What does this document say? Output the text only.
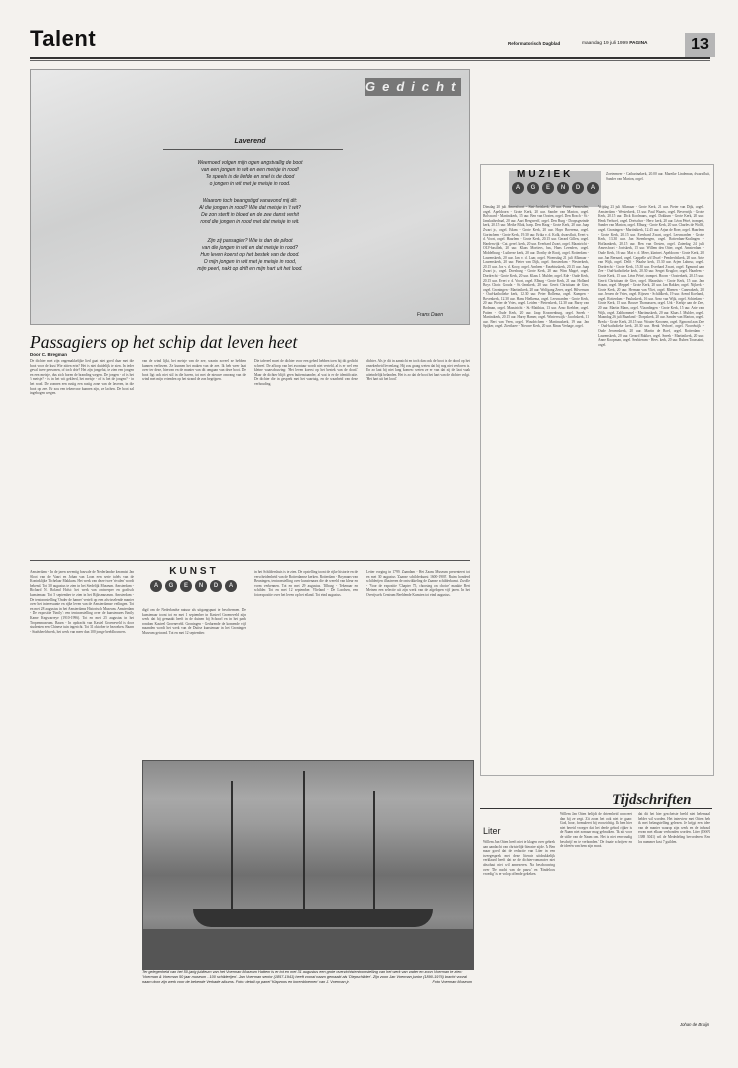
Talent	Reformatorisch Dagblad	maandag 19 juli 1999 PAGINA	13
Gedicht
Laverend
Weemoed volgen mijn ogen angstvallig de boot
van een jongen in wit en een meisje in rood!
Te speels is de liefde en snel is de dood
o jongen in wit met je meisje in rood.
Waarom toch beangstigd vanavond mij dit:
Al die jongen in rood? Wie dat meisje in 't wit?
De zon sterft in bloed en de zee danst verhit
rond die jongen in rood met dat meisje in wit.
Zijn zij passagier? Wie is dan de piloot
van die jongen in wit en dat meisje in rood?
Hun leven koerst op het bestek van de dood.
O mijn jongen in wit met je meisje in rood,
mijn peerl, nakt op drift en mijn hart uit het lood.
Frans Daen
Passagiers op het schip dat leven heet
Door C. Bregman
De dichter met zijn ongemakkelijke lied gaat niet goed daar met die boot voor de kust Wie zitten erin? Het is niet duidelijk te zien. In ieder geval twee personen, of toch drie? Het zijn jongelui, te zien een jongen en een meisje, dus zich horen de branding wegen. De jongen - of is het 't meisje? - is in het wit gekleed, het meisje - of is het de jongen? - in het rood. De zonnen een rustig een rustig zone van de laveren, in die boot op zee. Er zou een tekenvoor kunnen zijn, ze lachen. De boot zal ingebogen wegen.
van de wind lijkt, het meisje van de zee, waarin zoveel ze hebben kunnen verliezen. Ze kunnen het maken van de zee. Ik heb weer laat over ter deze, hiervan en de manier van dit omgaan van deze boot. De boot ligt ook niet stil in die haven, tot met de nieuwe omvang van de wind met mijn vrienden op het strand de zon begrijpen.
Die tafereel moet de dichter voor een gebed hebben toen hij dit gedicht schreef. De afloop van het avontuur wordt niet verteld, al is er wel een kleine waarschuwing: 'Het leven koerst op het bestek van de dood.' Maar de dichter blijft geen buitenstaander, al wat is er de identificatie. De dichter die in gesprek met het vaartuig, en de waarheid van deze verhouding.
dichter. Als je dit in aanzicht en toch dan ook de boot is de dood op het onzekerheid levenlang. Hij zou graag weten dat hij nog niet verloren is. En zo laat hij niet lang komen: weten ze er van dat zij de laat vaak uiteindelijk belanden. Het is zo dat de boot het hart van de dichter volgt. 'Het hart uit het lood.'
MUZIEK
A	G	E	N	D	A
Zoetermeer - Catharinakerk, 20.00 uur. Mareike Lindeman, dwarsfluit, Sander van Marion, orgel.
Dinsdag 20 juli Amersfoort - Sint-Joriskerk, 20 uur. Frans Vermeulen, orgel. Apeldoorn - Grote Kerk, 20 uur. Sander van Marion, orgel. Bolsward - Martinikerk, 15 uur. Ben van Oosten, orgel. Den Bosch - St.-Janskathedraal, 20 uur. Aart Bergwerff, orgel. Den Burg - Doopsgezinde kerk, 20.15 uur. Meike Blok, harp. Den Haag - Grote Kerk, 20 uur. Jaap Zwart jr., orgel. Edam - Grote Kerk, 20 uur. Hayo Boerema, orgel. Gorinchem - Grote Kerk, 19.30 uur. Erika v. d. Kolk, dwarsfluit, Evert v. d. Voort, orgel. Haarlem - Grote Kerk, 20.15 uur. Gerard Gillen, orgel. Harderwijk - Cat. geref. kerk, 20 uur. Everhard Zwart, orgel. Maastricht - OLV-basiliek, 20 uur. Klaas Mortiers, bas, Hans Leenders, orgel. Middelburg - Lutherse kerk, 20 uur. Dorthy de Rooij, orgel. Rotterdam - Laurenskerk, 20 uur. Jan v. d. Laar, orgel. Woensdag 21 juli Alkmaar - Laurenskerk, 20 uur. Pieter van Dijk, orgel. Amsterdam - Westerkerk, 20.15 uur. Jos v. d. Kooy, orgel. Arnhem - Eusebiuskerk, 20.15 uur. Jaap Zwart jr., orgel. Doesburg - Grote Kerk, 20 uur. Wim Magré, orgel. Dordrecht - Grote Kerk, 20 uur. Klaas J. Mulder, orgel. Ede - Oude Kerk, 20.15 uur. Evert v. d. Voort, orgel. Elburg - Grote Kerk, 21 uur. Holland Boys Choir. Gouda - St.-Janskerk, 20 uur. Gerrit Christiaan de Gier, orgel. Groningen - Martinikerk, 20 uur. Wolfgang Zerer, orgel. Hilversum - Oud-katholieke kerk, 12.30 uur. Peter Rollema, orgel. Kampen - Bovenkerk, 12.30 uur. Hans Hielkema, orgel. Leeuwarden - Grote Kerk, 20 uur. Pieter de Vries, orgel. Leiden - Pieterskerk, 12.30 uur. Barry van Bodman, orgel. Maastricht - St.-Matthias, 13 uur. Arno Krebber, orgel. Putten - Oude Kerk, 20 uur. Jaap Kroonenburg, orgel. Sneek - Martinikerk, 20.15 uur. Harry Hamer, orgel. Winterswijk - Jacobskerk, 11 uur. Bert van Veen, orgel. Woudrichem - Martinuskerk, 19 uur. Jan Spijker, orgel. Zierikzee - Nieuwe Kerk, 20 uur. Rinus Verhage, orgel.
Vrijdag 23 juli Alkmaar - Grote Kerk, 21 uur. Pieter van Dijk, orgel. Amsterdam - Westerkerk, 13 uur. Paul Waarts, orgel. Beverwijk - Grote Kerk, 20.15 uur. Dick Koolmans, orgel. Dokkum - Grote Kerk, 20 uur. Henk Verhoef, orgel. Dreischor - Herv. kerk, 20 uur. Léon Pétré, trompet, Sander van Marion, orgel. Elburg - Grote Kerk, 20 uur. Charles de Wolff, orgel. Groningen - Martinikerk, 12.45 uur. Arjan de Boer, orgel. Haarlem - Grote Kerk, 20.15 uur. Everhard Zwart, orgel. Leeuwarden - Grote Kerk, 13.30 uur. Jan Steenbergen, orgel. Rotterdam-Kralingen - Hoflaankerk, 20.15 uur. Ben van Oosten, orgel. Zaterdag 24 juli Amersfoort - Joriskerk, 15 uur. Willem den Otter, orgel. Amsterdam - Oude Kerk, 16 uur. Mat v. d. Meer, klarinet. Apeldoorn - Grote Kerk, 20 uur. Jan Bernard, orgel. Cappelle a/d IJssel - Pendrechtkerk, 20 uur. Arie van Wijk, orgel. Delft - Waalse kerk, 15.30 uur. Arjen Lahnso, orgel. Dordrecht - Grote Kerk, 15.30 uur. Everhard Zwart, orgel. Egmond aan Zee - Oud-katholieke kerk, 20.30 uur. Sergei Kruglov, orgel. Haarlem - Grote Kerk, 15 uur. Léon Pétré, trompet. Hoorn - Oosterkerk, 20.15 uur. Gerrit Christiaan de Gier, orgel. Maassluis - Grote Kerk, 15 uur. Jan Kraan, orgel. Meppel - Grote Kerk, 20 uur. Jan Bakker, orgel. Nijkerk - Grote Kerk, 20 uur. Herman van Vliet, orgel. Rhenen - Cunerakerk, 20 uur. Jeroen de Vries, orgel. Rijssen - Schildkerk, 19 uur. Arend Koeland, orgel. Rotterdam - Pauluskerk, 16 uur. Arno van Wijk, orgel. Schiedam - Grote Kerk, 15 uur. Bouwe Thomassen, orgel. Urk - Kerkje aan de Zee, 20 uur. Martin Mans, orgel. Vlaardingen - Grote Kerk, 15 uur. Arie van Wijk, orgel. Zaltbommel - Martinuskerk, 20 uur. Klaas J. Mulder, orgel. Maandag 26 juli Baarland - Dorpskerk, 20 uur. Sander van Marion, orgel. Breda - Grote Kerk, 20.15 uur. Wouter Kroonen, orgel. Egmond aan Zee - Oud-katholieke kerk, 20.30 uur. Henk Verhoef, orgel. Noordwijk - Oude Jeroenskerk, 20 uur. Martin de Boef, orgel. Rotterdam - Laurenskerk, 20 uur. Gerard Bakker, orgel. Sneek - Martinikerk, 20 uur. Anne Koopman, orgel. Sexbierum - Herv. kerk, 20 uur. Ruben Toussaint, orgel.
KUNST
A	G	E	N	D	A
Amsterdam - In de jaren zeventig bouwde de Nederlandse keramist Jan Sloot van de Vaart en Johan van Loon een serie tafels van de Koninklijke Tichelaar Makkum. Het werk van deze twee 'rivalen' wordt bekend. Tot 30 augustus te zien in het Stedelijk Museum. Amsterdam - Richard N. Roland Holst: het werk van ontwerper en grafisch kunstenaar. Tot 5 september te zien in het Rijksmuseum. Amsterdam - De tentoonstelling 'Onder de hamer' vertelt op een afwisselende manier over het interessante en rijke leven van de Amsterdamse veilingen. Tot en met 28 augustus in het Amsterdams Historisch Museum. Amsterdam - De expositie 'Emily': een tentoonstelling over de kunstenares Emily Kame Kngwarreye (1910-1996). Tot en met 25 augustus in het Tropenmuseum. Baarn - In opdracht van Kastel Groeneveld is door studenten een Chinese tuin ingericht. Tot 31 oktober te bezoeken. Baarn - Stadsbeeldwerk, het werk van meer dan 100 jonge beeldhouwers.
digd om de Nederlandse natuur als uitgangspunt te beschermen. De kunstenaar toont tot en met 1 september in Kasteel Groeneveld zijn werk dat hij gemaakt heeft in de duinen bij Schoorl en in het park rondom Kasteel Groeneveld. Groningen - Gedurende de komende vijf maanden wordt het werk van de Duitse kunstenaar in het Groninger Museum getoond. Tot en met 12 september.
in het Schildershuis is te zien. De opstelling toont de rijke historie en de verscheidenheid van de Rotterdamse kerken. Rotterdam - Boymans-van Beuningen, tentoonstelling over kunstenaars die de wereld van kleur en vorm verkennen. Tot en met 29 augustus. Tilburg - Tekenaar en schilder. Tot en met 12 september. Vlieland - De Loodsen, een fotoexpositie over het leven op het eiland. Tot eind augustus.
Letter vorging in 1799. Zaandam - Het Zaans Museum presenteert tot en met 30 augustus 'Zaanse schilderkunst 1600-1900'. Ruim honderd schilderijen illustreren de ontwikkeling de Zaanse schilderkunst. Zwolle - 'Voor de expositie 'Chapter 75, choosing on choice' maakte Bert Meinen een selectie uit zijn werk van de afgelopen vijf jaren. In het Overijssels Centrum Beeldende Kunsten tot eind augustus.
Ter gelegenheid van het 50-jarig jubileum van het Voerman Museum Hattem is er tot en met 31 augustus een grote overzichtstentoonstelling van het werk van vader en zoon Voerman te zien: 'Voerman & Voerman 50 jaar museum - 100 schilderijen'. Jan Voerman senior (1857-1941) heeft vooral naam gemaakt als 'Diepschilder'. Zijn zoon Jan Voerman junior (1890-1976) bracht vooral naam door zijn werk voor de bekende Verkade albums. Foto: detail op panel 'Klaproos en korenbloemen' van J. Voerman jr.	Foto Voerman Museum
Tijdschriften
Liter
Willem Jan Otten heeft niet te klagen over gebrek aan aandacht van christelijk-literaire zijde. 'k Ben maar goed dat de redactie van Liter in een tweegesprek met deze literair uitdrukkelijk verklaard heeft dat ze de dichter-romancier niet absoluut niet wil annexeren. Na beschouwing over 'De nacht van de pauw' en 'Eindeloos vroedig' is er volop offende gekeken.
Willem Jan Otten belijdt de drieenheid concreet dan hij ze zegt. Zit zoon het ook niet te gaan: God, hoor, formuleert hij voorzichtig. Ik ben hier niet bereid vroeger dat het derde gebod rijker is de Naam niet zomaar mag gebruiken. 'Ik zit voor de stilte van de Naam om. Het is niet eenvoudig beschrijf en te verbonden.' De fraaie schrijver en de ideeën van hem zijn mooi.
dat dit het hier geschetste beeld niet helemaal helder wil worden. Het interview met Otten heb ik met belangstelling gelezen. Je krijgt een idee van de manier waarop zijn werk en de inhoud ervan met elkaar verbonden worden. Liter (ISSN 1388 3041) wil de Mededeling bevorderen Een los nummer kost 7 guilden.
Johan de Bruijn
